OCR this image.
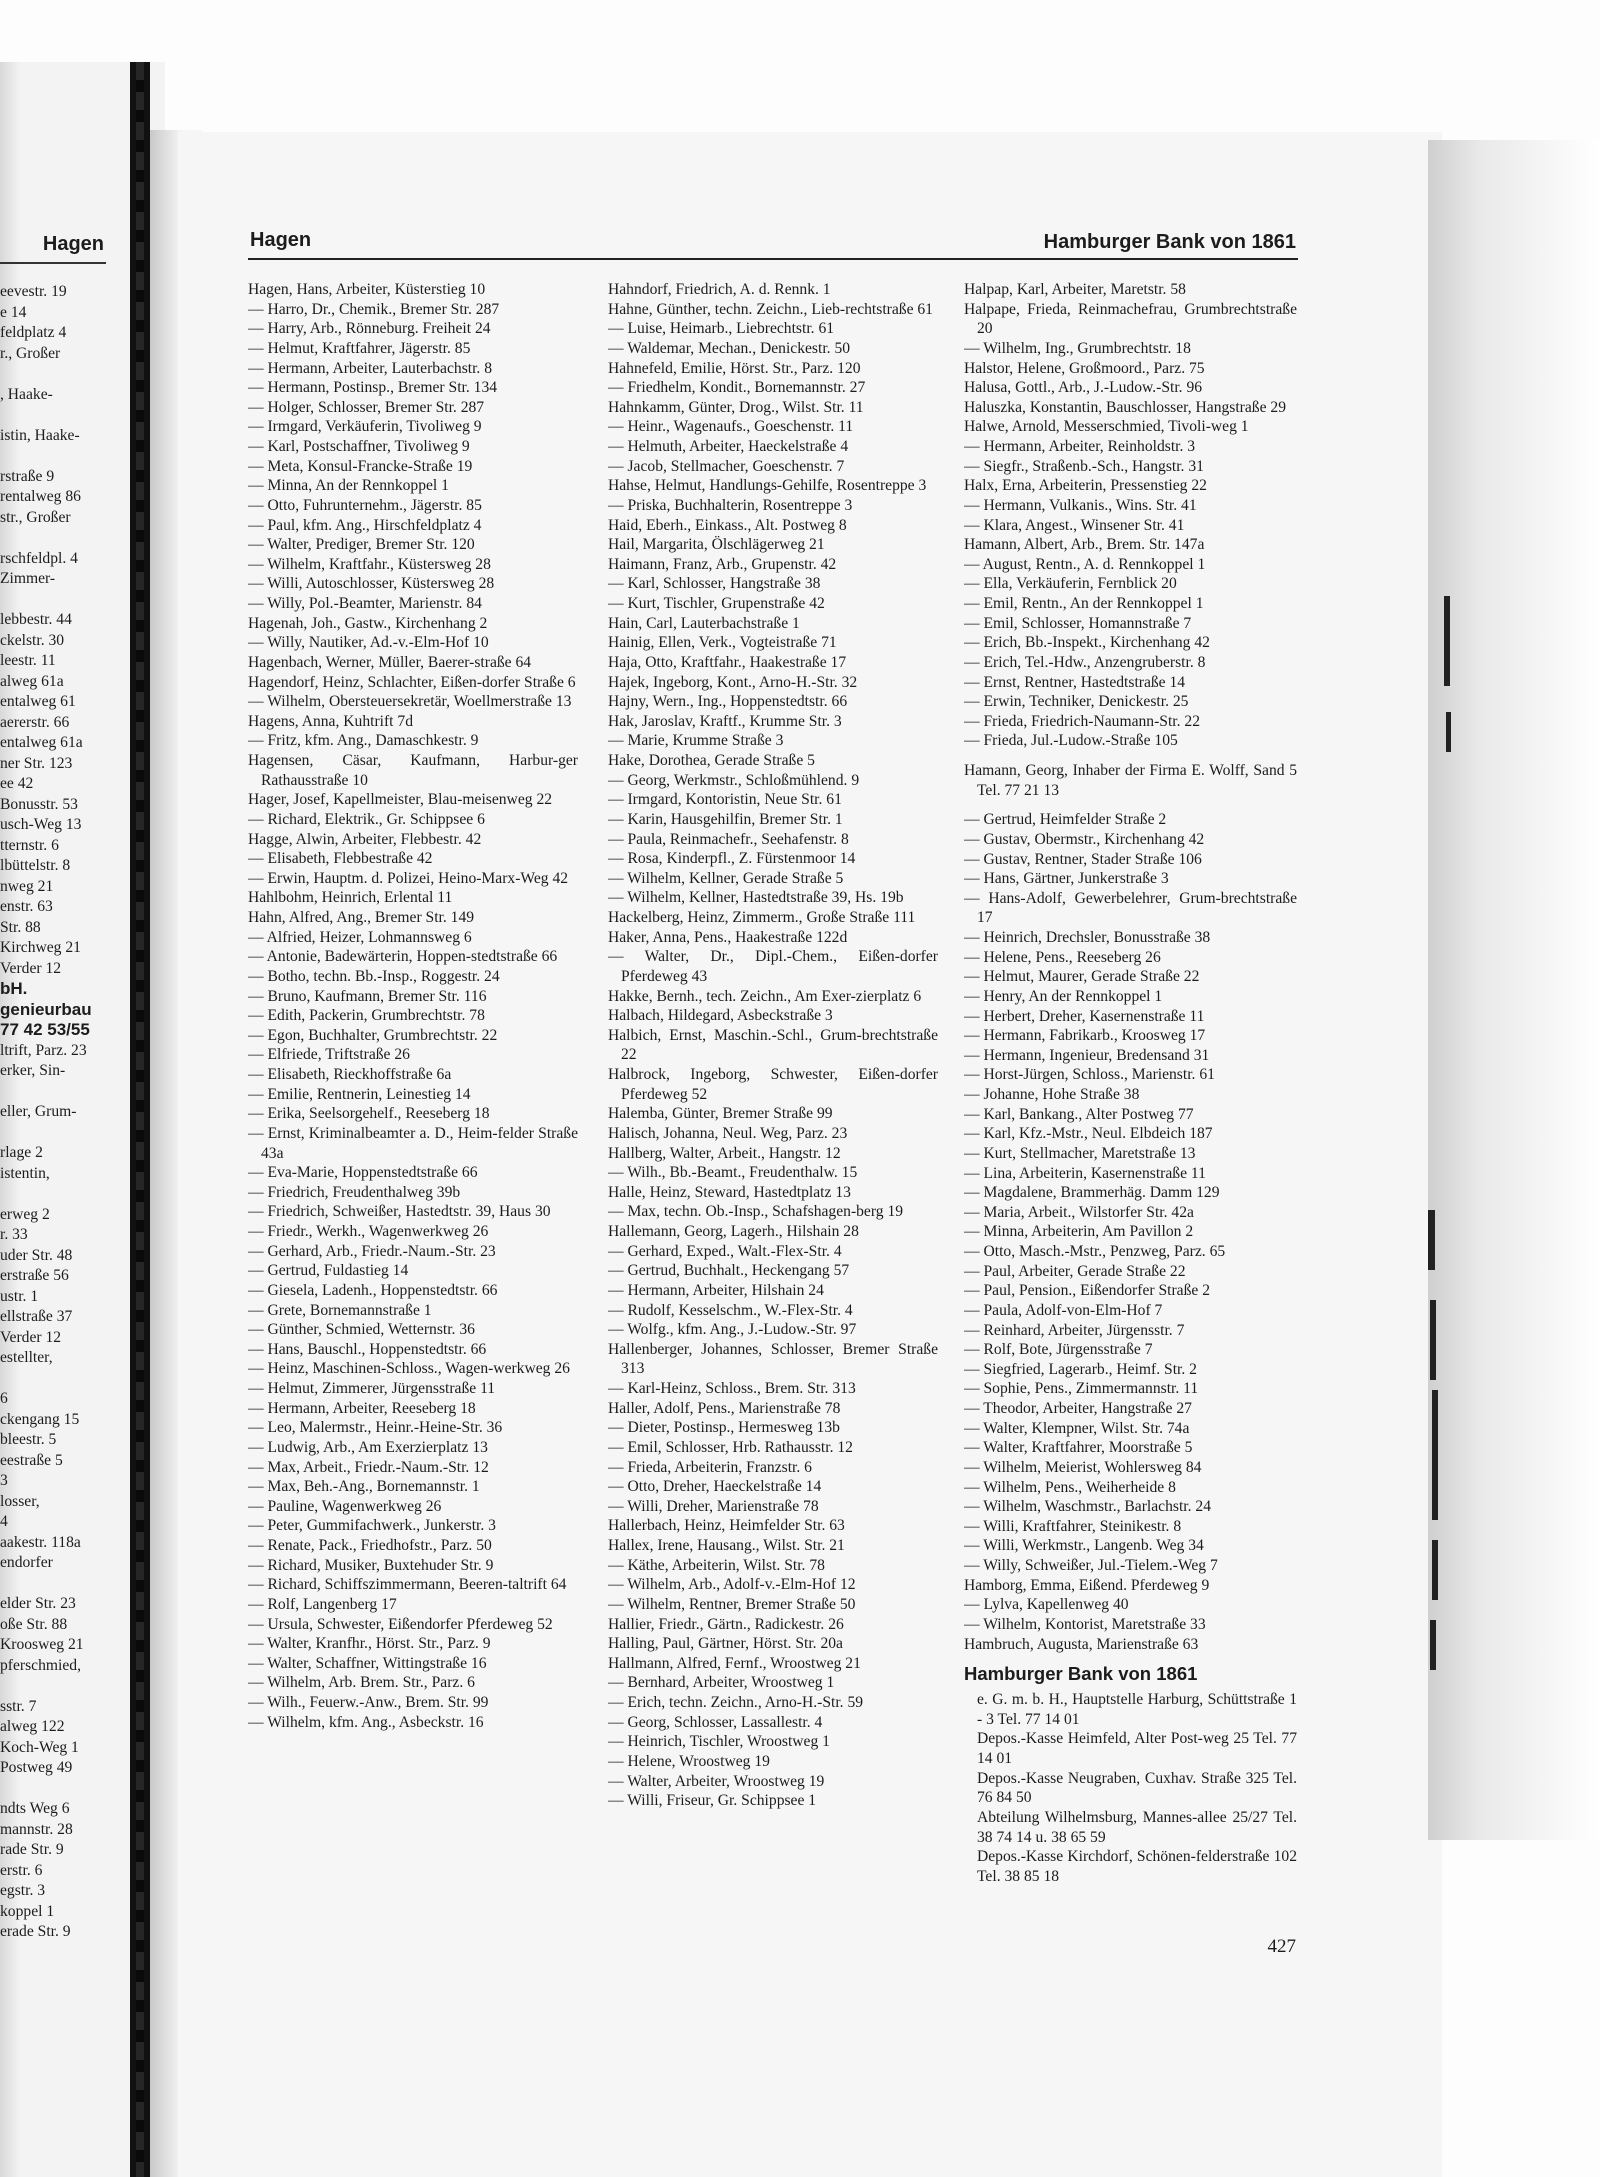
Hagen
eevestr. 19
e 14
feldplatz 4
r., Großer
, Haake-
istin, Haake-
rstraße 9
rentalweg 86
str., Großer
rschfeldpl. 4
Zimmer-
lebbestr. 44
ckelstr. 30
leestr. 11
alweg 61a
entalweg 61
aererstr. 66
entalweg 61a
ner Str. 123
ee 42
Bonusstr. 53
usch-Weg 13
tternstr. 6
lbüttelstr. 8
nweg 21
enstr. 63
Str. 88
Kirchweg 21
Verder 12
bH.
genieurbau
77 42 53/55
ltrift, Parz. 23
erker, Sin-
eller, Grum-
rlage 2
istentin,
erweg 2
r. 33
uder Str. 48
erstraße 56
ustr. 1
ellstraße 37
Verder 12
estellter,
6
ckengang 15
bleestr. 5
eestraße 5
3
losser,
4
aakestr. 118a
endorfer
elder Str. 23
oße Str. 88
Kroosweg 21
pferschmied,
sstr. 7
alweg 122
Koch-Weg 1
Postweg 49
ndts Weg 6
mannstr. 28
rade Str. 9
erstr. 6
egstr. 3
koppel 1
erade Str. 9
Hagen	Hamburger Bank von 1861
Hagen, Hans, Arbeiter, Küsterstieg 10
— Harro, Dr., Chemik., Bremer Str. 287
— Harry, Arb., Rönneburg. Freiheit 24
— Helmut, Kraftfahrer, Jägerstr. 85
— Hermann, Arbeiter, Lauterbachstr. 8
— Hermann, Postinsp., Bremer Str. 134
— Holger, Schlosser, Bremer Str. 287
— Irmgard, Verkäuferin, Tivoliweg 9
— Karl, Postschaffner, Tivoliweg 9
— Meta, Konsul-Francke-Straße 19
— Minna, An der Rennkoppel 1
— Otto, Fuhrunternehm., Jägerstr. 85
— Paul, kfm. Ang., Hirschfeldplatz 4
— Walter, Prediger, Bremer Str. 120
— Wilhelm, Kraftfahr., Küstersweg 28
— Willi, Autoschlosser, Küstersweg 28
— Willy, Pol.-Beamter, Marienstr. 84
Hagenah, Joh., Gastw., Kirchenhang 2
— Willy, Nautiker, Ad.-v.-Elm-Hof 10
Hagenbach, Werner, Müller, Baerer-straße 64
Hagendorf, Heinz, Schlachter, Eißen-dorfer Straße 6
— Wilhelm, Obersteuersekretär, Woellmerstraße 13
Hagens, Anna, Kuhtrift 7d
— Fritz, kfm. Ang., Damaschkestr. 9
Hagensen, Cäsar, Kaufmann, Harbur-ger Rathausstraße 10
Hager, Josef, Kapellmeister, Blau-meisenweg 22
— Richard, Elektrik., Gr. Schippsee 6
Hagge, Alwin, Arbeiter, Flebbestr. 42
— Elisabeth, Flebbestraße 42
— Erwin, Hauptm. d. Polizei, Heino-Marx-Weg 42
Hahlbohm, Heinrich, Erlental 11
Hahn, Alfred, Ang., Bremer Str. 149
— Alfried, Heizer, Lohmannsweg 6
— Antonie, Badewärterin, Hoppen-stedtstraße 66
— Botho, techn. Bb.-Insp., Roggestr. 24
— Bruno, Kaufmann, Bremer Str. 116
— Edith, Packerin, Grumbrechtstr. 78
— Egon, Buchhalter, Grumbrechtstr. 22
— Elfriede, Triftstraße 26
— Elisabeth, Rieckhoffstraße 6a
— Emilie, Rentnerin, Leinestieg 14
— Erika, Seelsorgehelf., Reeseberg 18
— Ernst, Kriminalbeamter a. D., Heim-felder Straße 43a
— Eva-Marie, Hoppenstedtstraße 66
— Friedrich, Freudenthalweg 39b
— Friedrich, Schweißer, Hastedtstr. 39, Haus 30
— Friedr., Werkh., Wagenwerkweg 26
— Gerhard, Arb., Friedr.-Naum.-Str. 23
— Gertrud, Fuldastieg 14
— Giesela, Ladenh., Hoppenstedtstr. 66
— Grete, Bornemannstraße 1
— Günther, Schmied, Wetternstr. 36
— Hans, Bauschl., Hoppenstedtstr. 66
— Heinz, Maschinen-Schloss., Wagen-werkweg 26
— Helmut, Zimmerer, Jürgensstraße 11
— Hermann, Arbeiter, Reeseberg 18
— Leo, Malermstr., Heinr.-Heine-Str. 36
— Ludwig, Arb., Am Exerzierplatz 13
— Max, Arbeit., Friedr.-Naum.-Str. 12
— Max, Beh.-Ang., Bornemannstr. 1
— Pauline, Wagenwerkweg 26
— Peter, Gummifachwerk., Junkerstr. 3
— Renate, Pack., Friedhofstr., Parz. 50
— Richard, Musiker, Buxtehuder Str. 9
— Richard, Schiffszimmermann, Beeren-taltrift 64
— Rolf, Langenberg 17
— Ursula, Schwester, Eißendorfer Pferdeweg 52
— Walter, Kranfhr., Hörst. Str., Parz. 9
— Walter, Schaffner, Wittingstraße 16
— Wilhelm, Arb. Brem. Str., Parz. 6
— Wilh., Feuerw.-Anw., Brem. Str. 99
— Wilhelm, kfm. Ang., Asbeckstr. 16
Hahndorf, Friedrich, A. d. Rennk. 1
Hahne, Günther, techn. Zeichn., Lieb-rechtstraße 61
— Luise, Heimarb., Liebrechtstr. 61
— Waldemar, Mechan., Denickestr. 50
Hahnefeld, Emilie, Hörst. Str., Parz. 120
— Friedhelm, Kondit., Bornemannstr. 27
Hahnkamm, Günter, Drog., Wilst. Str. 11
— Heinr., Wagenaufs., Goeschenstr. 11
— Helmuth, Arbeiter, Haeckelstraße 4
— Jacob, Stellmacher, Goeschenstr. 7
Hahse, Helmut, Handlungs-Gehilfe, Rosentreppe 3
— Priska, Buchhalterin, Rosentreppe 3
Haid, Eberh., Einkass., Alt. Postweg 8
Hail, Margarita, Ölschlägerweg 21
Haimann, Franz, Arb., Grupenstr. 42
— Karl, Schlosser, Hangstraße 38
— Kurt, Tischler, Grupenstraße 42
Hain, Carl, Lauterbachstraße 1
Hainig, Ellen, Verk., Vogteistraße 71
Haja, Otto, Kraftfahr., Haakestraße 17
Hajek, Ingeborg, Kont., Arno-H.-Str. 32
Hajny, Wern., Ing., Hoppenstedtstr. 66
Hak, Jaroslav, Kraftf., Krumme Str. 3
— Marie, Krumme Straße 3
Hake, Dorothea, Gerade Straße 5
— Georg, Werkmstr., Schloßmühlend. 9
— Irmgard, Kontoristin, Neue Str. 61
— Karin, Hausgehilfin, Bremer Str. 1
— Paula, Reinmachefr., Seehafenstr. 8
— Rosa, Kinderpfl., Z. Fürstenmoor 14
— Wilhelm, Kellner, Gerade Straße 5
— Wilhelm, Kellner, Hastedtstraße 39, Hs. 19b
Hackelberg, Heinz, Zimmerm., Große Straße 111
Haker, Anna, Pens., Haakestraße 122d
— Walter, Dr., Dipl.-Chem., Eißen-dorfer Pferdeweg 43
Hakke, Bernh., tech. Zeichn., Am Exer-zierplatz 6
Halbach, Hildegard, Asbeckstraße 3
Halbich, Ernst, Maschin.-Schl., Grum-brechtstraße 22
Halbrock, Ingeborg, Schwester, Eißen-dorfer Pferdeweg 52
Halemba, Günter, Bremer Straße 99
Halisch, Johanna, Neul. Weg, Parz. 23
Hallberg, Walter, Arbeit., Hangstr. 12
— Wilh., Bb.-Beamt., Freudenthalw. 15
Halle, Heinz, Steward, Hastedtplatz 13
— Max, techn. Ob.-Insp., Schafshagen-berg 19
Hallemann, Georg, Lagerh., Hilshain 28
— Gerhard, Exped., Walt.-Flex-Str. 4
— Gertrud, Buchhalt., Heckengang 57
— Hermann, Arbeiter, Hilshain 24
— Rudolf, Kesselschm., W.-Flex-Str. 4
— Wolfg., kfm. Ang., J.-Ludow.-Str. 97
Hallenberger, Johannes, Schlosser, Bremer Straße 313
— Karl-Heinz, Schloss., Brem. Str. 313
Haller, Adolf, Pens., Marienstraße 78
— Dieter, Postinsp., Hermesweg 13b
— Emil, Schlosser, Hrb. Rathausstr. 12
— Frieda, Arbeiterin, Franzstr. 6
— Otto, Dreher, Haeckelstraße 14
— Willi, Dreher, Marienstraße 78
Hallerbach, Heinz, Heimfelder Str. 63
Hallex, Irene, Hausang., Wilst. Str. 21
— Käthe, Arbeiterin, Wilst. Str. 78
— Wilhelm, Arb., Adolf-v.-Elm-Hof 12
— Wilhelm, Rentner, Bremer Straße 50
Hallier, Friedr., Gärtn., Radickestr. 26
Halling, Paul, Gärtner, Hörst. Str. 20a
Hallmann, Alfred, Fernf., Wroostweg 21
— Bernhard, Arbeiter, Wroostweg 1
— Erich, techn. Zeichn., Arno-H.-Str. 59
— Georg, Schlosser, Lassallestr. 4
— Heinrich, Tischler, Wroostweg 1
— Helene, Wroostweg 19
— Walter, Arbeiter, Wroostweg 19
— Willi, Friseur, Gr. Schippsee 1
Halpap, Karl, Arbeiter, Maretstr. 58
Halpape, Frieda, Reinmachefrau, Grumbrechtstraße 20
— Wilhelm, Ing., Grumbrechtstr. 18
Halstor, Helene, Großmoord., Parz. 75
Halusa, Gottl., Arb., J.-Ludow.-Str. 96
Haluszka, Konstantin, Bauschlosser, Hangstraße 29
Halwe, Arnold, Messerschmied, Tivoli-weg 1
— Hermann, Arbeiter, Reinholdstr. 3
— Siegfr., Straßenb.-Sch., Hangstr. 31
Halx, Erna, Arbeiterin, Pressenstieg 22
— Hermann, Vulkanis., Wins. Str. 41
— Klara, Angest., Winsener Str. 41
Hamann, Albert, Arb., Brem. Str. 147a
— August, Rentn., A. d. Rennkoppel 1
— Ella, Verkäuferin, Fernblick 20
— Emil, Rentn., An der Rennkoppel 1
— Emil, Schlosser, Homannstraße 7
— Erich, Bb.-Inspekt., Kirchenhang 42
— Erich, Tel.-Hdw., Anzengruberstr. 8
— Ernst, Rentner, Hastedtstraße 14
— Erwin, Techniker, Denickestr. 25
— Frieda, Friedrich-Naumann-Str. 22
— Frieda, Jul.-Ludow.-Straße 105
Hamann, Georg, Inhaber der Firma E. Wolff, Sand 5 Tel. 77 21 13
— Gertrud, Heimfelder Straße 2
— Gustav, Obermstr., Kirchenhang 42
— Gustav, Rentner, Stader Straße 106
— Hans, Gärtner, Junkerstraße 3
— Hans-Adolf, Gewerbelehrer, Grum-brechtstraße 17
— Heinrich, Drechsler, Bonusstraße 38
— Helene, Pens., Reeseberg 26
— Helmut, Maurer, Gerade Straße 22
— Henry, An der Rennkoppel 1
— Herbert, Dreher, Kasernenstraße 11
— Hermann, Fabrikarb., Kroosweg 17
— Hermann, Ingenieur, Bredensand 31
— Horst-Jürgen, Schloss., Marienstr. 61
— Johanne, Hohe Straße 38
— Karl, Bankang., Alter Postweg 77
— Karl, Kfz.-Mstr., Neul. Elbdeich 187
— Kurt, Stellmacher, Maretstraße 13
— Lina, Arbeiterin, Kasernenstraße 11
— Magdalene, Brammerhäg. Damm 129
— Maria, Arbeit., Wilstorfer Str. 42a
— Minna, Arbeiterin, Am Pavillon 2
— Otto, Masch.-Mstr., Penzweg, Parz. 65
— Paul, Arbeiter, Gerade Straße 22
— Paul, Pension., Eißendorfer Straße 2
— Paula, Adolf-von-Elm-Hof 7
— Reinhard, Arbeiter, Jürgensstr. 7
— Rolf, Bote, Jürgensstraße 7
— Siegfried, Lagerarb., Heimf. Str. 2
— Sophie, Pens., Zimmermannstr. 11
— Theodor, Arbeiter, Hangstraße 27
— Walter, Klempner, Wilst. Str. 74a
— Walter, Kraftfahrer, Moorstraße 5
— Wilhelm, Meierist, Wohlersweg 84
— Wilhelm, Pens., Weiherheide 8
— Wilhelm, Waschmstr., Barlachstr. 24
— Willi, Kraftfahrer, Steinikestr. 8
— Willi, Werkmstr., Langenb. Weg 34
— Willy, Schweißer, Jul.-Tielem.-Weg 7
Hamborg, Emma, Eißend. Pferdeweg 9
— Lylva, Kapellenweg 40
— Wilhelm, Kontorist, Maretstraße 33
Hambruch, Augusta, Marienstraße 63
Hamburger Bank von 1861
e. G. m. b. H., Hauptstelle Harburg, Schüttstraße 1 - 3 Tel. 77 14 01
Depos.-Kasse Heimfeld, Alter Post-weg 25 Tel. 77 14 01
Depos.-Kasse Neugraben, Cuxhav. Straße 325 Tel. 76 84 50
Abteilung Wilhelmsburg, Mannes-allee 25/27 Tel. 38 74 14 u. 38 65 59
Depos.-Kasse Kirchdorf, Schönen-felderstraße 102 Tel. 38 85 18
427
